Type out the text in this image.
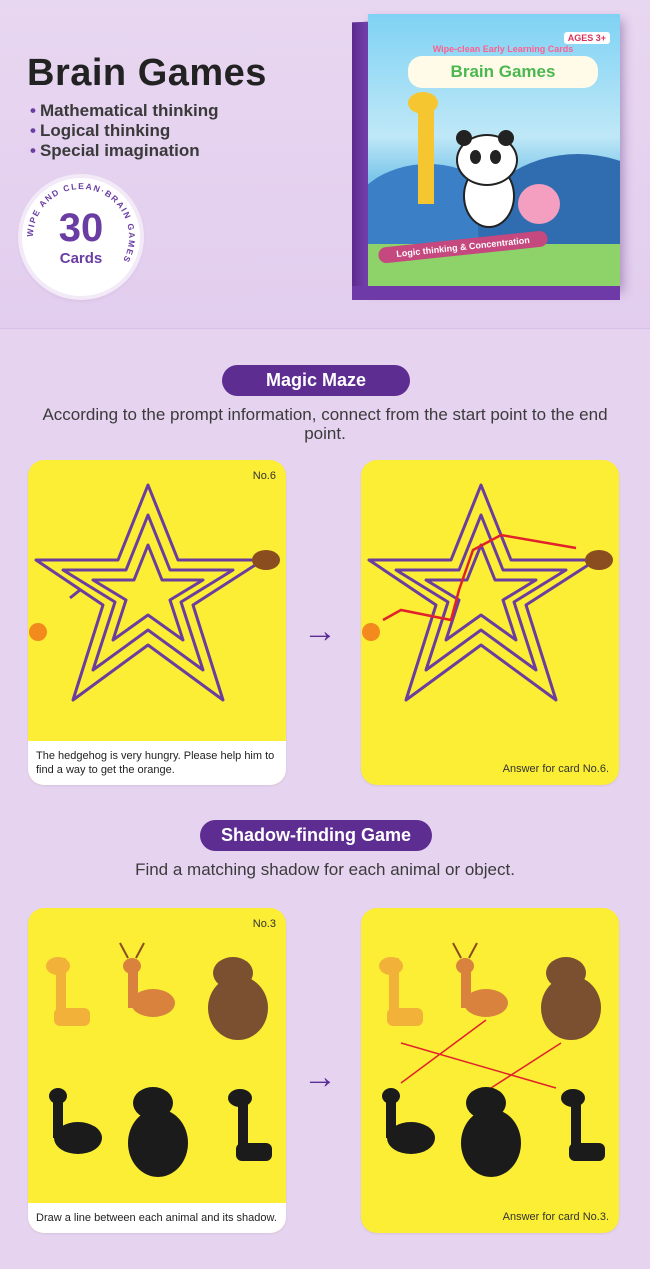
Brain Games
• Mathematical thinking
• Logical thinking
• Special imagination
WIPE AND CLEAN·BRAIN GAMES
30
Cards
AGES 3+
Wipe-clean Early Learning Cards
Brain Games
Logic thinking & Concentration
Magic Maze
According to the prompt information, connect from the start point to the end point.
No.6
The hedgehog is very hungry. Please help him to find a way to get the orange.
→
Answer for card No.6.
Shadow-finding Game
Find a matching shadow for each animal or object.
No.3
Draw a line between each animal and its shadow.
→
Answer for card No.3.
